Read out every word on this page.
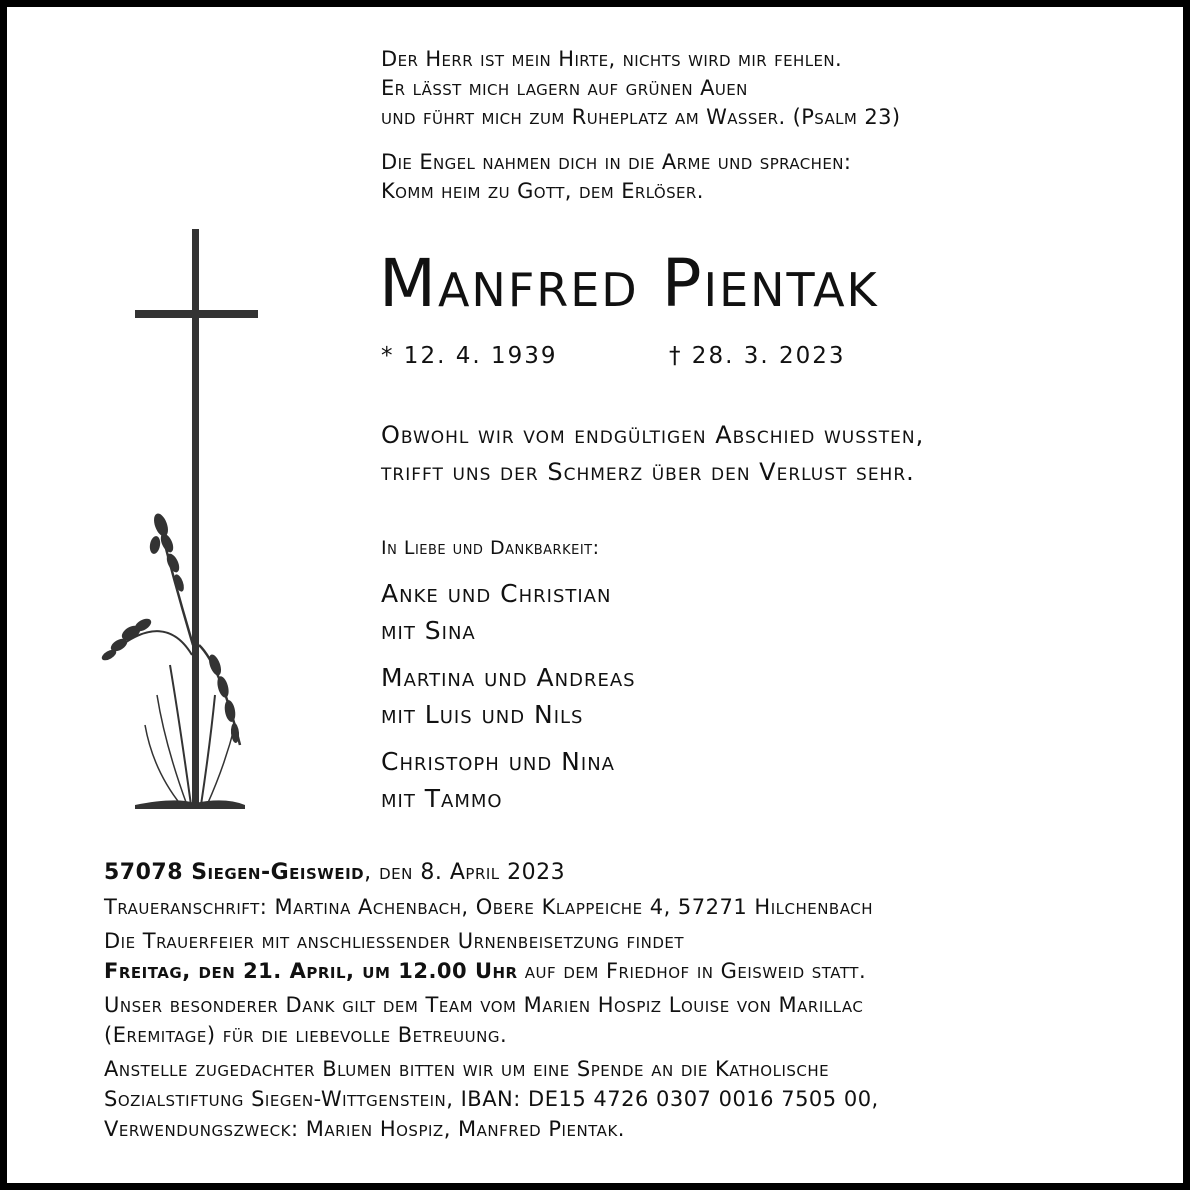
Der Herr ist mein Hirte, nichts wird mir fehlen.
Er lässt mich lagern auf grünen Auen
und führt mich zum Ruheplatz am Wasser. (Psalm 23)
Die Engel nahmen dich in die Arme und sprachen:
Komm heim zu Gott, dem Erlöser.
Manfred Pientak
* 12. 4. 1939	† 28. 3. 2023
Obwohl wir vom endgültigen Abschied wussten,
trifft uns der Schmerz über den Verlust sehr.
In Liebe und Dankbarkeit:
Anke und Christian
mit Sina
Martina und Andreas
mit Luis und Nils
Christoph und Nina
mit Tammo
57078 Siegen-Geisweid, den 8. April 2023
Traueranschrift: Martina Achenbach, Obere Klappeiche 4, 57271 Hilchenbach
Die Trauerfeier mit anschliessender Urnenbeisetzung findet
Freitag, den 21. April, um 12.00 Uhr auf dem Friedhof in Geisweid statt.
Unser besonderer Dank gilt dem Team vom Marien Hospiz Louise von Marillac
(Eremitage) für die liebevolle Betreuung.
Anstelle zugedachter Blumen bitten wir um eine Spende an die Katholische
Sozialstiftung Siegen-Wittgenstein, IBAN: DE15 4726 0307 0016 7505 00,
Verwendungszweck: Marien Hospiz, Manfred Pientak.
